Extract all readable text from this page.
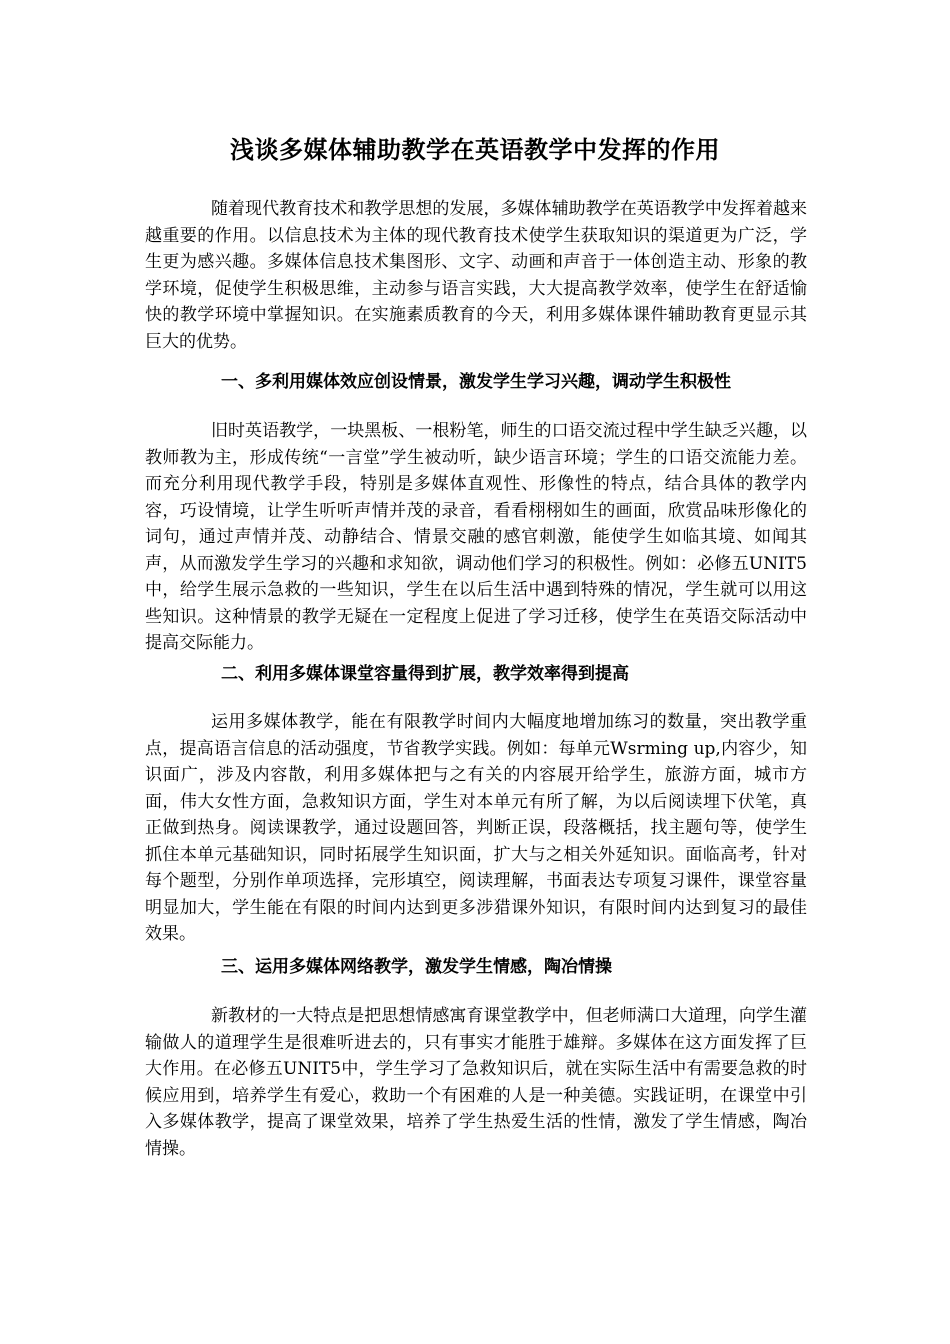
浅谈多媒体辅助教学在英语教学中发挥的作用

随着现代教育技术和教学思想的发展，多媒体辅助教学在英语教学中发挥着越来越重要的作用。以信息技术为主体的现代教育技术使学生获取知识的渠道更为广泛，学生更为感兴趣。多媒体信息技术集图形、文字、动画和声音于一体创造主动、形象的教学环境，促使学生积极思维，主动参与语言实践，大大提高教学效率，使学生在舒适愉快的教学环境中掌握知识。在实施素质教育的今天，利用多媒体课件辅助教育更显示其巨大的优势。

一、多利用媒体效应创设情景，激发学生学习兴趣，调动学生积极性

旧时英语教学，一块黑板、一根粉笔，师生的口语交流过程中学生缺乏兴趣，以教师教为主，形成传统“一言堂”学生被动听，缺少语言环境；学生的口语交流能力差。而充分利用现代教学手段，特别是多媒体直观性、形像性的特点，结合具体的教学内容，巧设情境，让学生听听声情并茂的录音，看看栩栩如生的画面，欣赏品味形像化的词句，通过声情并茂、动静结合、情景交融的感官刺激，能使学生如临其境、如闻其声，从而激发学生学习的兴趣和求知欲，调动他们学习的积极性。例如：必修五UNIT5中，给学生展示急救的一些知识，学生在以后生活中遇到特殊的情况，学生就可以用这些知识。这种情景的教学无疑在一定程度上促进了学习迁移，使学生在英语交际活动中提高交际能力。

二、利用多媒体课堂容量得到扩展，教学效率得到提高

运用多媒体教学，能在有限教学时间内大幅度地增加练习的数量，突出教学重点，提高语言信息的活动强度，节省教学实践。例如：每单元Wsrming up,内容少，知识面广，涉及内容散，利用多媒体把与之有关的内容展开给学生，旅游方面，城市方面，伟大女性方面，急救知识方面，学生对本单元有所了解，为以后阅读埋下伏笔，真正做到热身。阅读课教学，通过设题回答，判断正误，段落概括，找主题句等，使学生抓住本单元基础知识，同时拓展学生知识面，扩大与之相关外延知识。面临高考，针对每个题型，分别作单项选择，完形填空，阅读理解，书面表达专项复习课件，课堂容量明显加大，学生能在有限的时间内达到更多涉猎课外知识，有限时间内达到复习的最佳效果。

三、运用多媒体网络教学，激发学生情感，陶冶情操

新教材的一大特点是把思想情感寓育课堂教学中，但老师满口大道理，向学生灌输做人的道理学生是很难听进去的，只有事实才能胜于雄辩。多媒体在这方面发挥了巨大作用。在必修五UNIT5中，学生学习了急救知识后，就在实际生活中有需要急救的时候应用到，培养学生有爱心，救助一个有困难的人是一种美德。实践证明，在课堂中引入多媒体教学，提高了课堂效果，培养了学生热爱生活的性情，激发了学生情感，陶冶情操。
